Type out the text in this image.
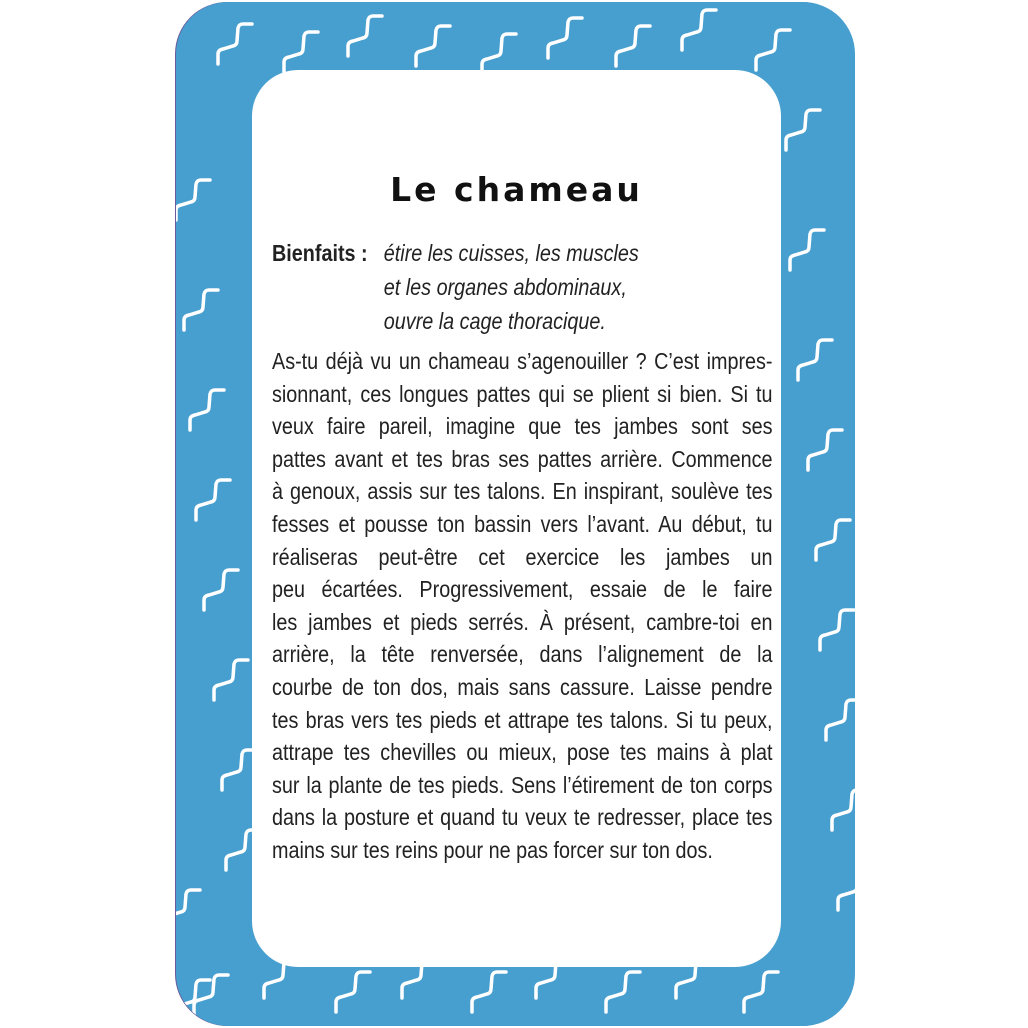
Le chameau
Bienfaits : étire les cuisses, les muscles
et les organes abdominaux,
ouvre la cage thoracique.
As-tu déjà vu un chameau s’agenouiller ? C’est impres-
sionnant, ces longues pattes qui se plient si bien. Si tu
veux faire pareil, imagine que tes jambes sont ses
pattes avant et tes bras ses pattes arrière. Commence
à genoux, assis sur tes talons. En inspirant, soulève tes
fesses et pousse ton bassin vers l’avant. Au début, tu
réaliseras peut-être cet exercice les jambes un
peu écartées. Progressivement, essaie de le faire
les jambes et pieds serrés. À présent, cambre-toi en
arrière, la tête renversée, dans l’alignement de la
courbe de ton dos, mais sans cassure. Laisse pendre
tes bras vers tes pieds et attrape tes talons. Si tu peux,
attrape tes chevilles ou mieux, pose tes mains à plat
sur la plante de tes pieds. Sens l’étirement de ton corps
dans la posture et quand tu veux te redresser, place tes
mains sur tes reins pour ne pas forcer sur ton dos.
